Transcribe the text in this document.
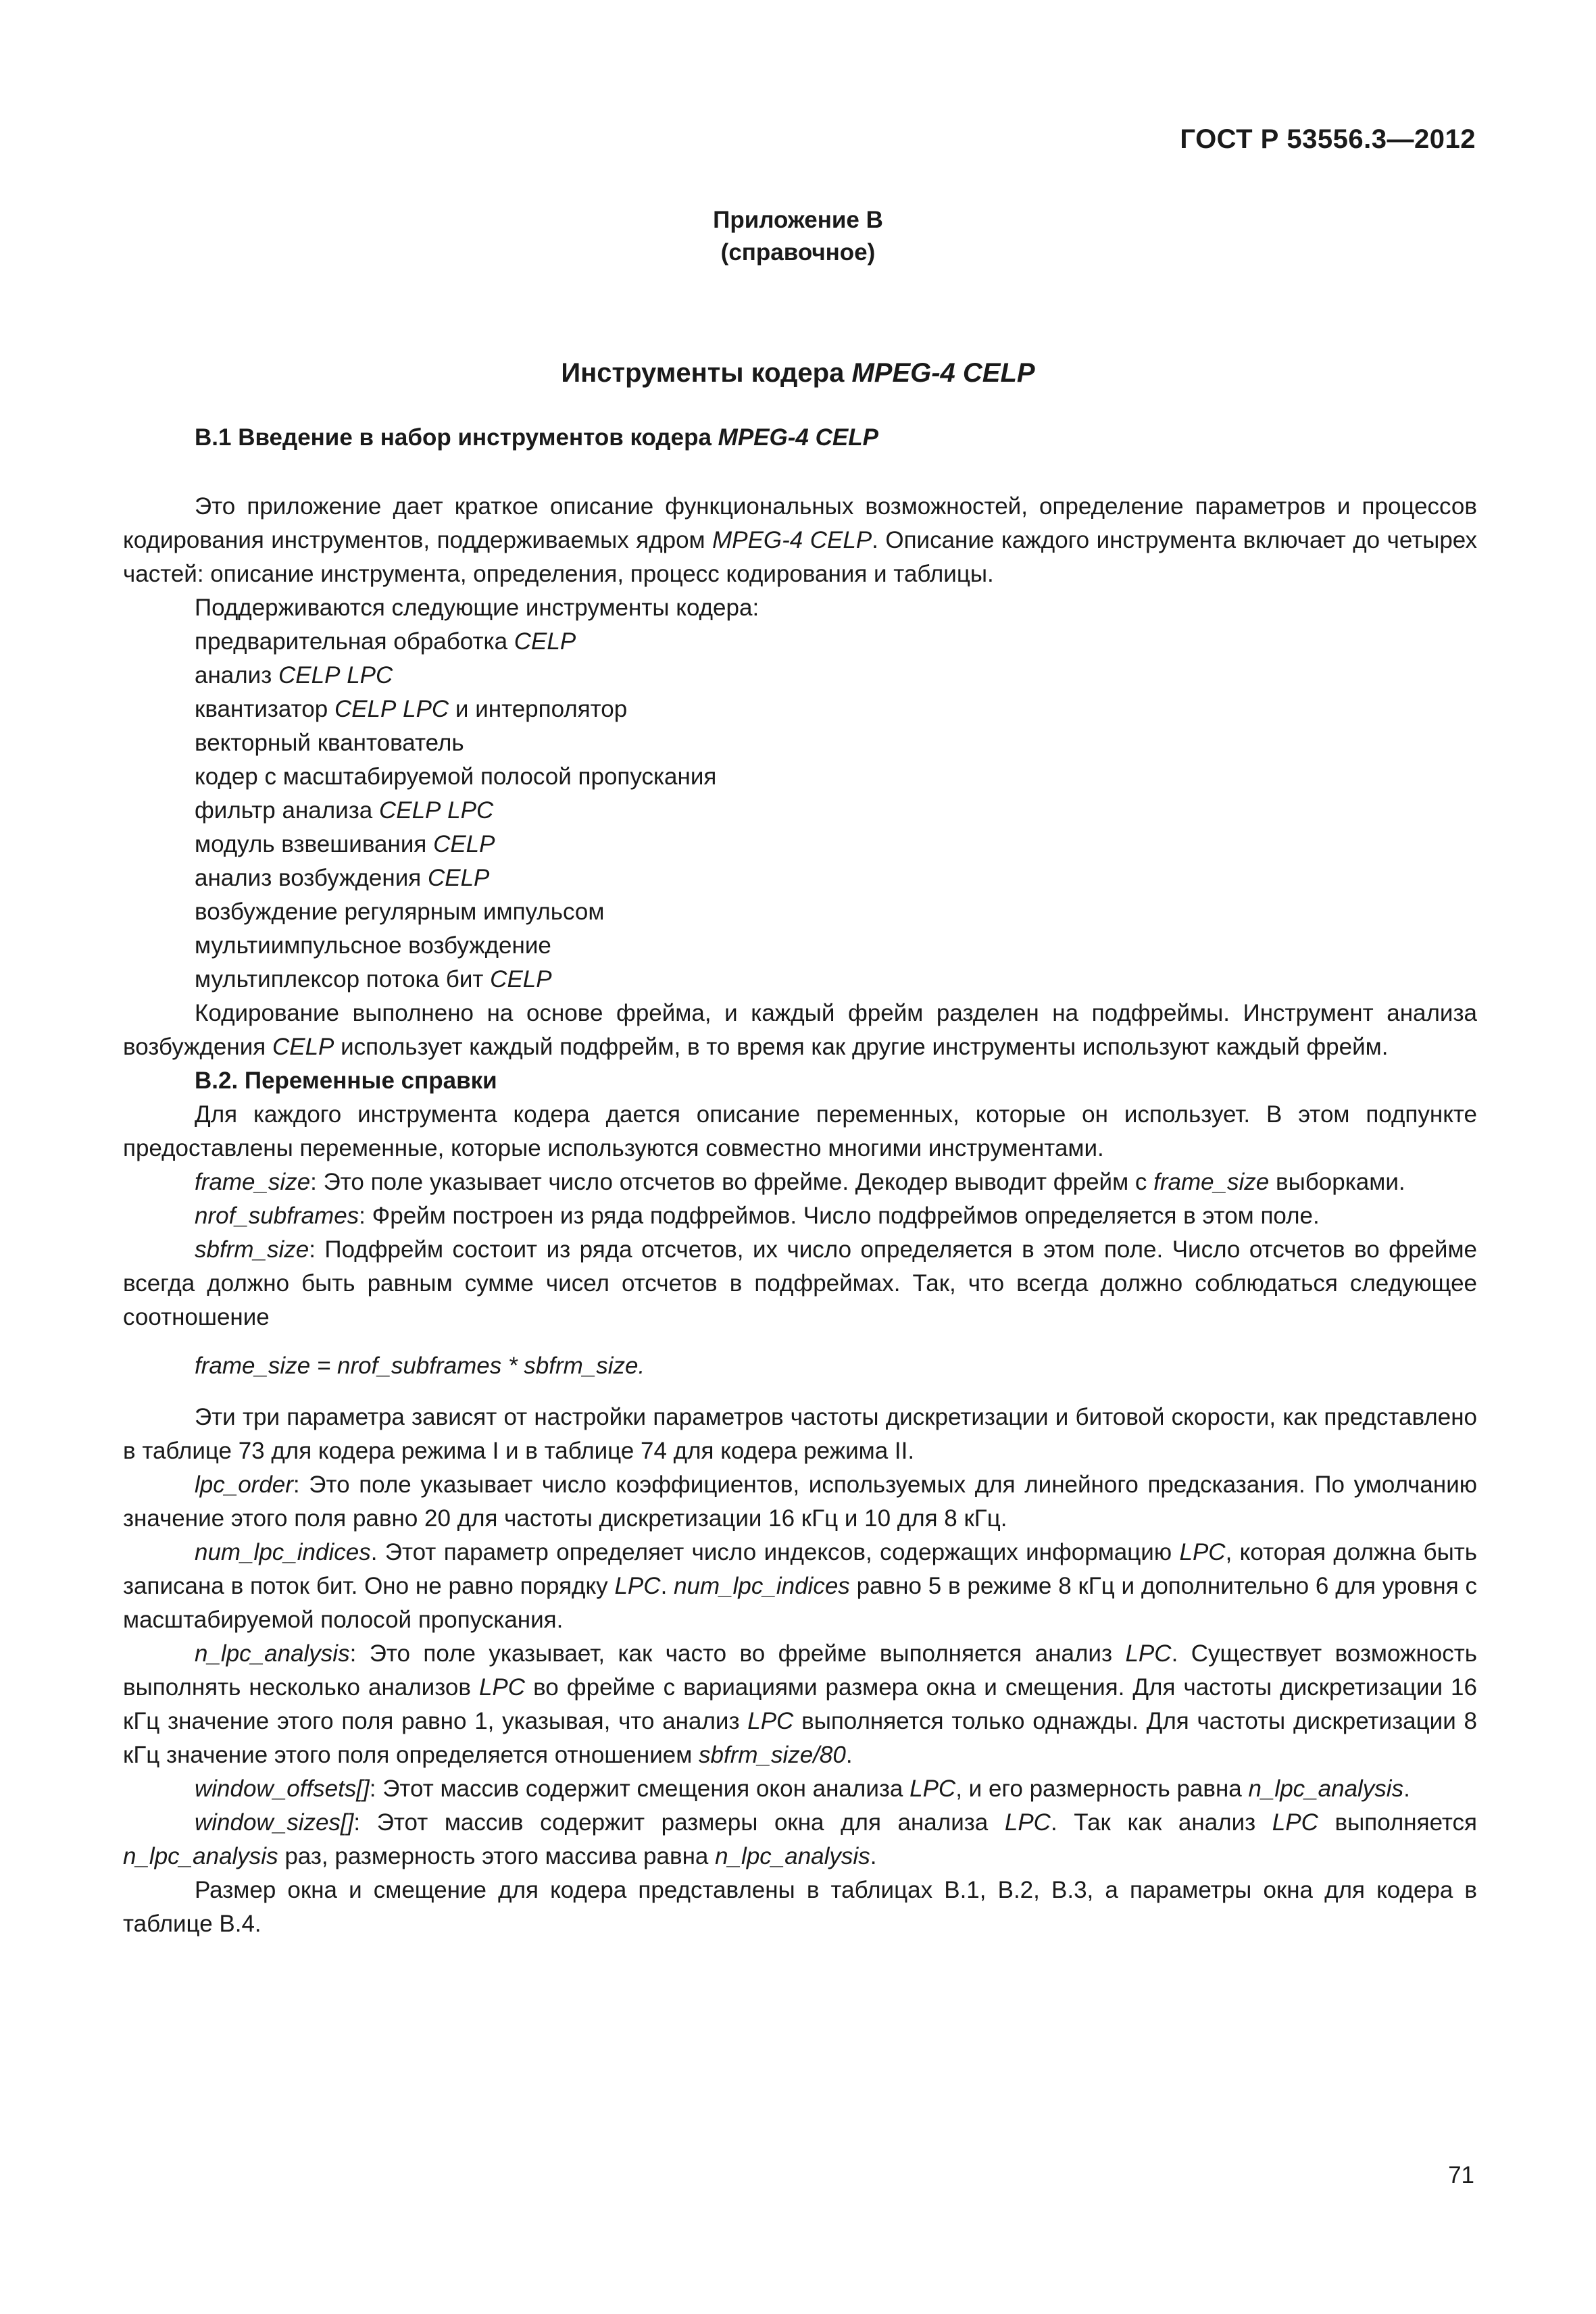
ГОСТ Р 53556.3—2012
Приложение В
(справочное)
Инструменты кодера MPEG-4 CELP
В.1 Введение в набор инструментов кодера MPEG-4 CELP

Это приложение дает краткое описание функциональных возможностей, определение параметров и процессов кодирования инструментов, поддерживаемых ядром MPEG-4 CELP. Описание каждого инструмента включает до четырех частей: описание инструмента, определения, процесс кодирования и таблицы.

Поддерживаются следующие инструменты кодера:

предварительная обработка CELP

анализ CELP LPC

квантизатор CELP LPC и интерполятор

векторный квантователь

кодер с масштабируемой полосой пропускания

фильтр анализа CELP LPC

модуль взвешивания CELP

анализ возбуждения CELP

возбуждение регулярным импульсом

мультиимпульсное возбуждение

мультиплексор потока бит CELP

Кодирование выполнено на основе фрейма, и каждый фрейм разделен на подфреймы. Инструмент анализа возбуждения CELP использует каждый подфрейм, в то время как другие инструменты используют каждый фрейм.

В.2. Переменные справки

Для каждого инструмента кодера дается описание переменных, которые он использует. В этом подпункте предоставлены переменные, которые используются совместно многими инструментами.

frame_size: Это поле указывает число отсчетов во фрейме. Декодер выводит фрейм с frame_size выборками.

nrof_subframes: Фрейм построен из ряда подфреймов. Число подфреймов определяется в этом поле.

sbfrm_size: Подфрейм состоит из ряда отсчетов, их число определяется в этом поле. Число отсчетов во фрейме всегда должно быть равным сумме чисел отсчетов в подфреймах. Так, что всегда должно соблюдаться следующее соотношение

frame_size = nrof_subframes * sbfrm_size.

Эти три параметра зависят от настройки параметров частоты дискретизации и битовой скорости, как представлено в таблице 73 для кодера режима I и в таблице 74 для кодера режима II.

lpc_order: Это поле указывает число коэффициентов, используемых для линейного предсказания. По умолчанию значение этого поля равно 20 для частоты дискретизации 16 кГц и 10 для 8 кГц.

num_lpc_indices. Этот параметр определяет число индексов, содержащих информацию LPC, которая должна быть записана в поток бит. Оно не равно порядку LPC. num_lpc_indices равно 5 в режиме 8 кГц и дополнительно 6 для уровня с масштабируемой полосой пропускания.

n_lpc_analysis: Это поле указывает, как часто во фрейме выполняется анализ LPC. Существует возможность выполнять несколько анализов LPC во фрейме с вариациями размера окна и смещения. Для частоты дискретизации 16 кГц значение этого поля равно 1, указывая, что анализ LPC выполняется только однажды. Для частоты дискретизации 8 кГц значение этого поля определяется отношением sbfrm_size/80.

window_offsets[]: Этот массив содержит смещения окон анализа LPC, и его размерность равна n_lpc_analysis.

window_sizes[]: Этот массив содержит размеры окна для анализа LPC. Так как анализ LPC выполняется n_lpc_analysis раз, размерность этого массива равна n_lpc_analysis.

Размер окна и смещение для кодера представлены в таблицах В.1, В.2, В.3, а параметры окна для кодера в таблице В.4.

71
